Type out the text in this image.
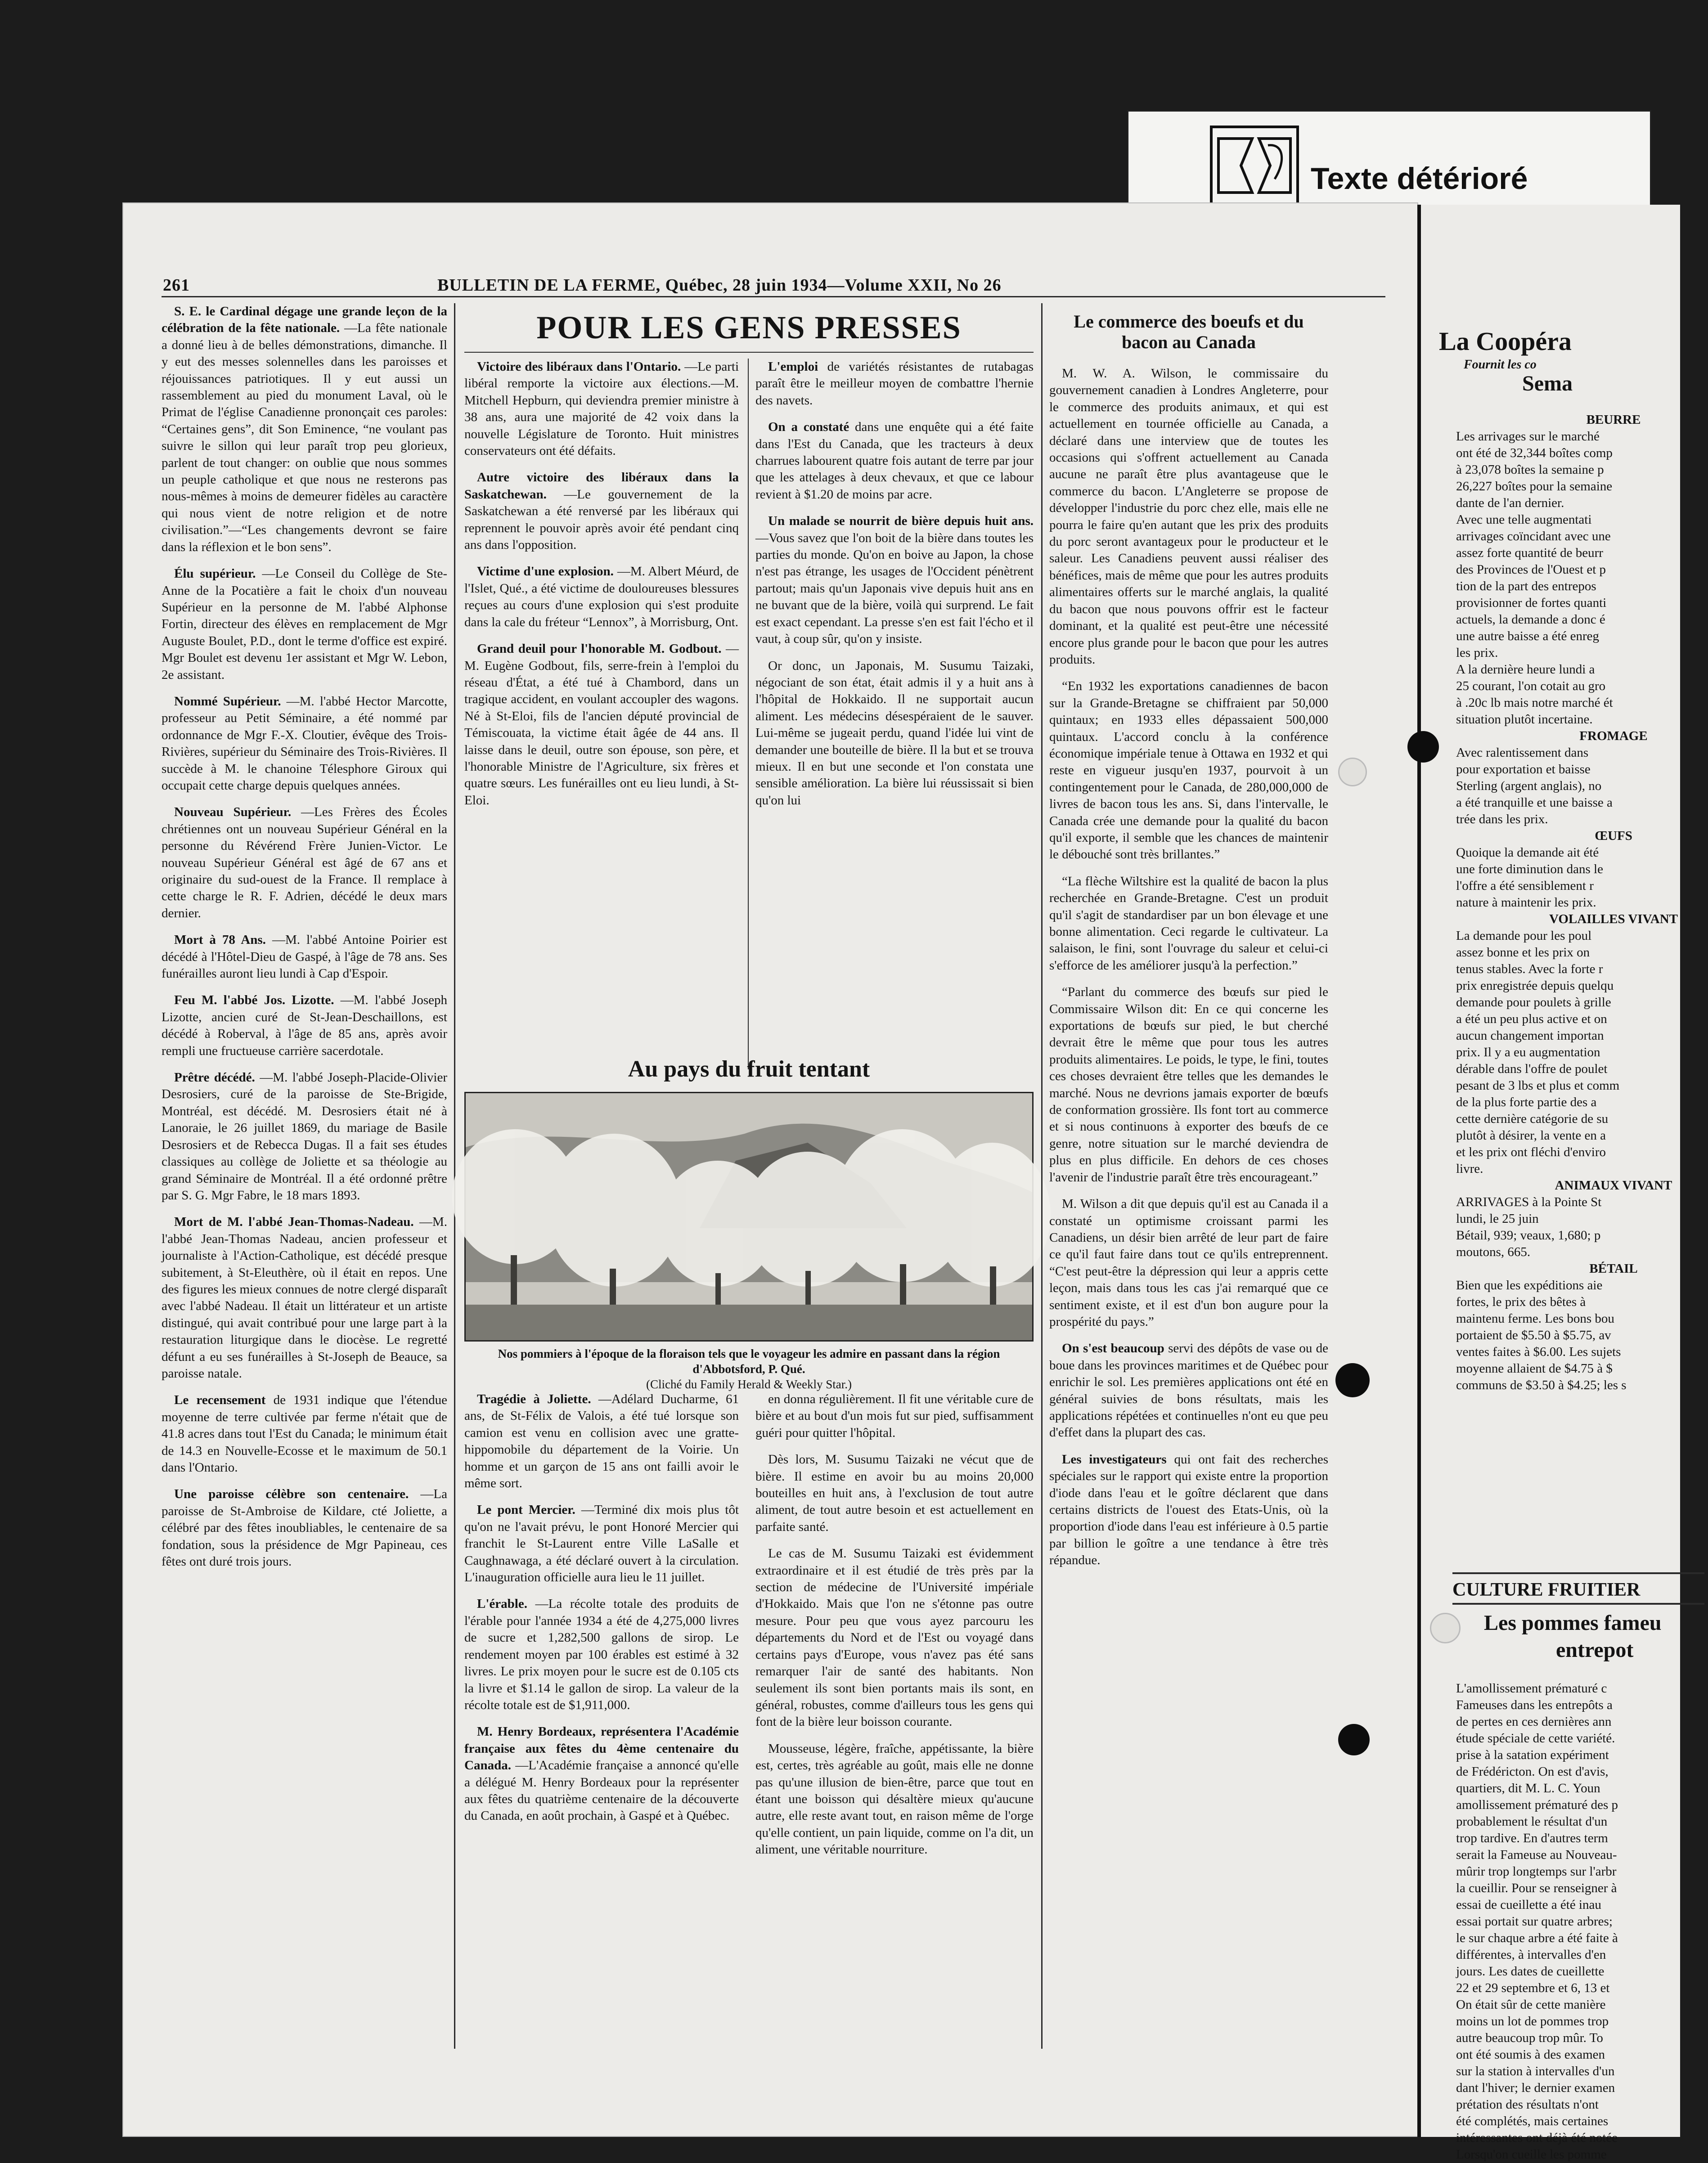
Texte détérioré
261	BULLETIN DE LA FERME, Québec, 28 juin 1934—Volume XXII, No 26

S. E. le Cardinal dégage une grande leçon de la célébration de la fête nationale. —La fête nationale a donné lieu à de belles démonstrations, dimanche. Il y eut des messes solennelles dans les paroisses et réjouissances patriotiques. Il y eut aussi un rassemblement au pied du monument Laval, où le Primat de l'église Canadienne prononçait ces paroles: “Certaines gens”, dit Son Eminence, “ne voulant pas suivre le sillon qui leur paraît trop peu glorieux, parlent de tout changer: on oublie que nous sommes un peuple catholique et que nous ne resterons pas nous-mêmes à moins de demeurer fidèles au caractère qui nous vient de notre religion et de notre civilisation.”—“Les changements devront se faire dans la réflexion et le bon sens”.

Élu supérieur. —Le Conseil du Collège de Ste-Anne de la Pocatière a fait le choix d'un nouveau Supérieur en la personne de M. l'abbé Alphonse Fortin, directeur des élèves en remplacement de Mgr Auguste Boulet, P.D., dont le terme d'office est expiré. Mgr Boulet est devenu 1er assistant et Mgr W. Lebon, 2e assistant.

Nommé Supérieur. —M. l'abbé Hector Marcotte, professeur au Petit Séminaire, a été nommé par ordonnance de Mgr F.-X. Cloutier, évêque des Trois-Rivières, supérieur du Séminaire des Trois-Rivières. Il succède à M. le chanoine Télesphore Giroux qui occupait cette charge depuis quelques années.

Nouveau Supérieur. —Les Frères des Écoles chrétiennes ont un nouveau Supérieur Général en la personne du Révérend Frère Junien-Victor. Le nouveau Supérieur Général est âgé de 67 ans et originaire du sud-ouest de la France. Il remplace à cette charge le R. F. Adrien, décédé le deux mars dernier.

Mort à 78 Ans. —M. l'abbé Antoine Poirier est décédé à l'Hôtel-Dieu de Gaspé, à l'âge de 78 ans. Ses funérailles auront lieu lundi à Cap d'Espoir.

Feu M. l'abbé Jos. Lizotte. —M. l'abbé Joseph Lizotte, ancien curé de St-Jean-Deschaillons, est décédé à Roberval, à l'âge de 85 ans, après avoir rempli une fructueuse carrière sacerdotale.

Prêtre décédé. —M. l'abbé Joseph-Placide-Olivier Desrosiers, curé de la paroisse de Ste-Brigide, Montréal, est décédé. M. Desrosiers était né à Lanoraie, le 26 juillet 1869, du mariage de Basile Desrosiers et de Rebecca Dugas. Il a fait ses études classiques au collège de Joliette et sa théologie au grand Séminaire de Montréal. Il a été ordonné prêtre par S. G. Mgr Fabre, le 18 mars 1893.

Mort de M. l'abbé Jean-Thomas-Nadeau. —M. l'abbé Jean-Thomas Nadeau, ancien professeur et journaliste à l'Action-Catholique, est décédé presque subitement, à St-Eleuthère, où il était en repos. Une des figures les mieux connues de notre clergé disparaît avec l'abbé Nadeau. Il était un littérateur et un artiste distingué, qui avait contribué pour une large part à la restauration liturgique dans le diocèse. Le regretté défunt a eu ses funérailles à St-Joseph de Beauce, sa paroisse natale.

Le recensement de 1931 indique que l'étendue moyenne de terre cultivée par ferme n'était que de 41.8 acres dans tout l'Est du Canada; le minimum était de 14.3 en Nouvelle-Ecosse et le maximum de 50.1 dans l'Ontario.

Une paroisse célèbre son centenaire. —La paroisse de St-Ambroise de Kildare, cté Joliette, a célébré par des fêtes inoubliables, le centenaire de sa fondation, sous la présidence de Mgr Papineau, ces fêtes ont duré trois jours.

POUR LES GENS PRESSES

Victoire des libéraux dans l'Ontario. —Le parti libéral remporte la victoire aux élections.—M. Mitchell Hepburn, qui deviendra premier ministre à 38 ans, aura une majorité de 42 voix dans la nouvelle Législature de Toronto. Huit ministres conservateurs ont été défaits.

Autre victoire des libéraux dans la Saskatchewan. —Le gouvernement de la Saskatchewan a été renversé par les libéraux qui reprennent le pouvoir après avoir été pendant cinq ans dans l'opposition.

Victime d'une explosion. —M. Albert Méurd, de l'Islet, Qué., a été victime de douloureuses blessures reçues au cours d'une explosion qui s'est produite dans la cale du fréteur “Lennox”, à Morrisburg, Ont.

Grand deuil pour l'honorable M. Godbout. —M. Eugène Godbout, fils, serre-frein à l'emploi du réseau d'État, a été tué à Chambord, dans un tragique accident, en voulant accoupler des wagons. Né à St-Eloi, fils de l'ancien député provincial de Témiscouata, la victime était âgée de 44 ans. Il laisse dans le deuil, outre son épouse, son père, et l'honorable Ministre de l'Agriculture, six frères et quatre sœurs. Les funérailles ont eu lieu lundi, à St-Eloi.

L'emploi de variétés résistantes de rutabagas paraît être le meilleur moyen de combattre l'hernie des navets.

On a constaté dans une enquête qui a été faite dans l'Est du Canada, que les tracteurs à deux charrues labourent quatre fois autant de terre par jour que les attelages à deux chevaux, et que ce labour revient à $1.20 de moins par acre.

Un malade se nourrit de bière depuis huit ans. —Vous savez que l'on boit de la bière dans toutes les parties du monde. Qu'on en boive au Japon, la chose n'est pas étrange, les usages de l'Occident pénètrent partout; mais qu'un Japonais vive depuis huit ans en ne buvant que de la bière, voilà qui surprend. Le fait est exact cependant. La presse s'en est fait l'écho et il vaut, à coup sûr, qu'on y insiste.

Or donc, un Japonais, M. Susumu Taizaki, négociant de son état, était admis il y a huit ans à l'hôpital de Hokkaido. Il ne supportait aucun aliment. Les médecins désespéraient de le sauver. Lui-même se jugeait perdu, quand l'idée lui vint de demander une bouteille de bière. Il la but et se trouva mieux. Il en but une seconde et l'on constata une sensible amélioration. La bière lui réussissait si bien qu'on lui

Au pays du fruit tentant
Nos pommiers à l'époque de la floraison tels que le voyageur les admire en passant dans la région d'Abbotsford, P. Qué.
(Cliché du Family Herald & Weekly Star.)

Tragédie à Joliette. —Adélard Ducharme, 61 ans, de St-Félix de Valois, a été tué lorsque son camion est venu en collision avec une gratte-hippomobile du département de la Voirie. Un homme et un garçon de 15 ans ont failli avoir le même sort.

Le pont Mercier. —Terminé dix mois plus tôt qu'on ne l'avait prévu, le pont Honoré Mercier qui franchit le St-Laurent entre Ville LaSalle et Caughnawaga, a été déclaré ouvert à la circulation. L'inauguration officielle aura lieu le 11 juillet.

L'érable. —La récolte totale des produits de l'érable pour l'année 1934 a été de 4,275,000 livres de sucre et 1,282,500 gallons de sirop. Le rendement moyen par 100 érables est estimé à 32 livres. Le prix moyen pour le sucre est de 0.105 cts la livre et $1.14 le gallon de sirop. La valeur de la récolte totale est de $1,911,000.

M. Henry Bordeaux, représentera l'Académie française aux fêtes du 4ème centenaire du Canada. —L'Académie française a annoncé qu'elle a délégué M. Henry Bordeaux pour la représenter aux fêtes du quatrième centenaire de la découverte du Canada, en août prochain, à Gaspé et à Québec.

en donna régulièrement. Il fit une véritable cure de bière et au bout d'un mois fut sur pied, suffisamment guéri pour quitter l'hôpital.

Dès lors, M. Susumu Taizaki ne vécut que de bière. Il estime en avoir bu au moins 20,000 bouteilles en huit ans, à l'exclusion de tout autre aliment, de tout autre besoin et est actuellement en parfaite santé.

Le cas de M. Susumu Taizaki est évidemment extraordinaire et il est étudié de très près par la section de médecine de l'Université impériale d'Hokkaido. Mais que l'on ne s'étonne pas outre mesure. Pour peu que vous ayez parcouru les départements du Nord et de l'Est ou voyagé dans certains pays d'Europe, vous n'avez pas été sans remarquer l'air de santé des habitants. Non seulement ils sont bien portants mais ils sont, en général, robustes, comme d'ailleurs tous les gens qui font de la bière leur boisson courante.

Mousseuse, légère, fraîche, appétissante, la bière est, certes, très agréable au goût, mais elle ne donne pas qu'une illusion de bien-être, parce que tout en étant une boisson qui désaltère mieux qu'aucune autre, elle reste avant tout, en raison même de l'orge qu'elle contient, un pain liquide, comme on l'a dit, un aliment, une véritable nourriture.

Le commerce des boeufs et du bacon au Canada

M. W. A. Wilson, le commissaire du gouvernement canadien à Londres Angleterre, pour le commerce des produits animaux, et qui est actuellement en tournée officielle au Canada, a déclaré dans une interview que de toutes les occasions qui s'offrent actuellement au Canada aucune ne paraît être plus avantageuse que le commerce du bacon. L'Angleterre se propose de développer l'industrie du porc chez elle, mais elle ne pourra le faire qu'en autant que les prix des produits du porc seront avantageux pour le producteur et le saleur. Les Canadiens peuvent aussi réaliser des bénéfices, mais de même que pour les autres produits alimentaires offerts sur le marché anglais, la qualité du bacon que nous pouvons offrir est le facteur dominant, et la qualité est peut-être une nécessité encore plus grande pour le bacon que pour les autres produits.

“En 1932 les exportations canadiennes de bacon sur la Grande-Bretagne se chiffraient par 50,000 quintaux; en 1933 elles dépassaient 500,000 quintaux. L'accord conclu à la conférence économique impériale tenue à Ottawa en 1932 et qui reste en vigueur jusqu'en 1937, pourvoit à un contingentement pour le Canada, de 280,000,000 de livres de bacon tous les ans. Si, dans l'intervalle, le Canada crée une demande pour la qualité du bacon qu'il exporte, il semble que les chances de maintenir le débouché sont très brillantes.”

“La flèche Wiltshire est la qualité de bacon la plus recherchée en Grande-Bretagne. C'est un produit qu'il s'agit de standardiser par un bon élevage et une bonne alimentation. Ceci regarde le cultivateur. La salaison, le fini, sont l'ouvrage du saleur et celui-ci s'efforce de les améliorer jusqu'à la perfection.”

“Parlant du commerce des bœufs sur pied le Commissaire Wilson dit: En ce qui concerne les exportations de bœufs sur pied, le but cherché devrait être le même que pour tous les autres produits alimentaires. Le poids, le type, le fini, toutes ces choses devraient être telles que les demandes le marché. Nous ne devrions jamais exporter de bœufs de conformation grossière. Ils font tort au commerce et si nous continuons à exporter des bœufs de ce genre, notre situation sur le marché deviendra de plus en plus difficile. En dehors de ces choses l'avenir de l'industrie paraît être très encourageant.”

M. Wilson a dit que depuis qu'il est au Canada il a constaté un optimisme croissant parmi les Canadiens, un désir bien arrêté de leur part de faire ce qu'il faut faire dans tout ce qu'ils entreprennent. “C'est peut-être la dépression qui leur a appris cette leçon, mais dans tous les cas j'ai remarqué que ce sentiment existe, et il est d'un bon augure pour la prospérité du pays.”

On s'est beaucoup servi des dépôts de vase ou de boue dans les provinces maritimes et de Québec pour enrichir le sol. Les premières applications ont été en général suivies de bons résultats, mais les applications répétées et continuelles n'ont eu que peu d'effet dans la plupart des cas.

Les investigateurs qui ont fait des recherches spéciales sur le rapport qui existe entre la proportion d'iode dans l'eau et le goître déclarent que dans certains districts de l'ouest des Etats-Unis, où la proportion d'iode dans l'eau est inférieure à 0.5 partie par billion le goître a une tendance à être très répandue.

La Coopéra
Fournit les co
Sema

BEURRE

Les arrivages sur le marché

ont été de 32,344 boîtes comp

à 23,078 boîtes la semaine p

26,227 boîtes pour la semaine

dante de l'an dernier.

Avec une telle augmentati

arrivages coïncidant avec une

assez forte quantité de beurr

des Provinces de l'Ouest et p

tion de la part des entrepos

provisionner de fortes quanti

actuels, la demande a donc é

une autre baisse a été enreg

les prix.

A la dernière heure lundi a

25 courant, l'on cotait au gro

à .20c lb mais notre marché ét

situation plutôt incertaine.

FROMAGE

Avec ralentissement dans

pour exportation et baisse

Sterling (argent anglais), no

a été tranquille et une baisse a

trée dans les prix.

ŒUFS

Quoique la demande ait été

une forte diminution dans le

l'offre a été sensiblement r

nature à maintenir les prix.

VOLAILLES VIVANT

La demande pour les poul

assez bonne et les prix on

tenus stables. Avec la forte r

prix enregistrée depuis quelqu

demande pour poulets à grille

a été un peu plus active et on

aucun changement importan

prix. Il y a eu augmentation

dérable dans l'offre de poulet

pesant de 3 lbs et plus et comm

de la plus forte partie des a

cette dernière catégorie de su

plutôt à désirer, la vente en a

et les prix ont fléchi d'enviro

livre.

ANIMAUX VIVANT

ARRIVAGES à la Pointe St

lundi, le 25 juin

Bétail, 939; veaux, 1,680; p

moutons, 665.

BÉTAIL

Bien que les expéditions aie

fortes, le prix des bêtes à

maintenu ferme. Les bons bou

portaient de $5.50 à $5.75, av

ventes faites à $6.00. Les sujets

moyenne allaient de $4.75 à $

communs de $3.50 à $4.25; les s

CULTURE FRUITIER
Les pommes fameu
entrepot

L'amollissement prématuré c

Fameuses dans les entrepôts a

de pertes en ces dernières ann

étude spéciale de cette variété.

prise à la satation expériment

de Frédéricton. On est d'avis,

quartiers, dit M. L. C. Youn

amollissement prématuré des p

probablement le résultat d'un

trop tardive. En d'autres term

serait la Fameuse au Nouveau-

mûrir trop longtemps sur l'arbr

la cueillir. Pour se renseigner à

essai de cueillette a été inau

essai portait sur quatre arbres;

le sur chaque arbre a été faite à

différentes, à intervalles d'en

jours. Les dates de cueillette

22 et 29 septembre et 6, 13 et

On était sûr de cette manière

moins un lot de pommes trop

autre beaucoup trop mûr. To

ont été soumis à des examen

sur la station à intervalles d'un

dant l'hiver; le dernier examen

prétation des résultats n'ont

été complétés, mais certaines

intéressantes ont déjà été notée

Lorsqu'on cueille les pomme
